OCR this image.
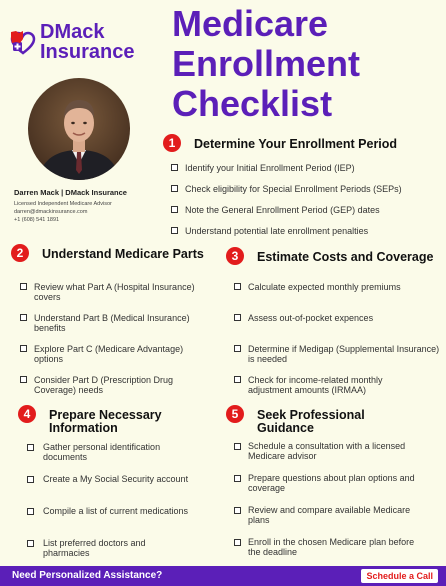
DMack
Insurance
Medicare
Enrollment
Checklist
Darren Mack | DMack Insurance
Licensed Independent Medicare Advisor
darren@dmackinsurance.com
+1 (608) 541 1891
1	Determine Your Enrollment Period
Identify your Initial Enrollment Period (IEP)
Check eligibility for Special Enrollment Periods (SEPs)
Note the General Enrollment Period (GEP) dates
Understand potential late enrollment penalties
2	Understand Medicare Parts
Review what Part A (Hospital Insurance) covers
Understand Part B (Medical Insurance) benefits
Explore Part C (Medicare Advantage) options
Consider Part D (Prescription Drug Coverage) needs
3	Estimate Costs and Coverage
Calculate expected monthly premiums
Assess out-of-pocket expences
Determine if Medigap (Supplemental Insurance) is needed
Check for income-related monthly adjustment amounts (IRMAA)
4	Prepare Necessary Information
Gather personal identification documents
Create a My Social Security account
Compile a list of current medications
List preferred doctors and pharmacies
5	Seek Professional Guidance
Schedule a consultation with a licensed Medicare advisor
Prepare questions about plan options and coverage
Review and compare available Medicare plans
Enroll in the chosen Medicare plan before the deadline
Need Personalized Assistance?	Schedule a Call
